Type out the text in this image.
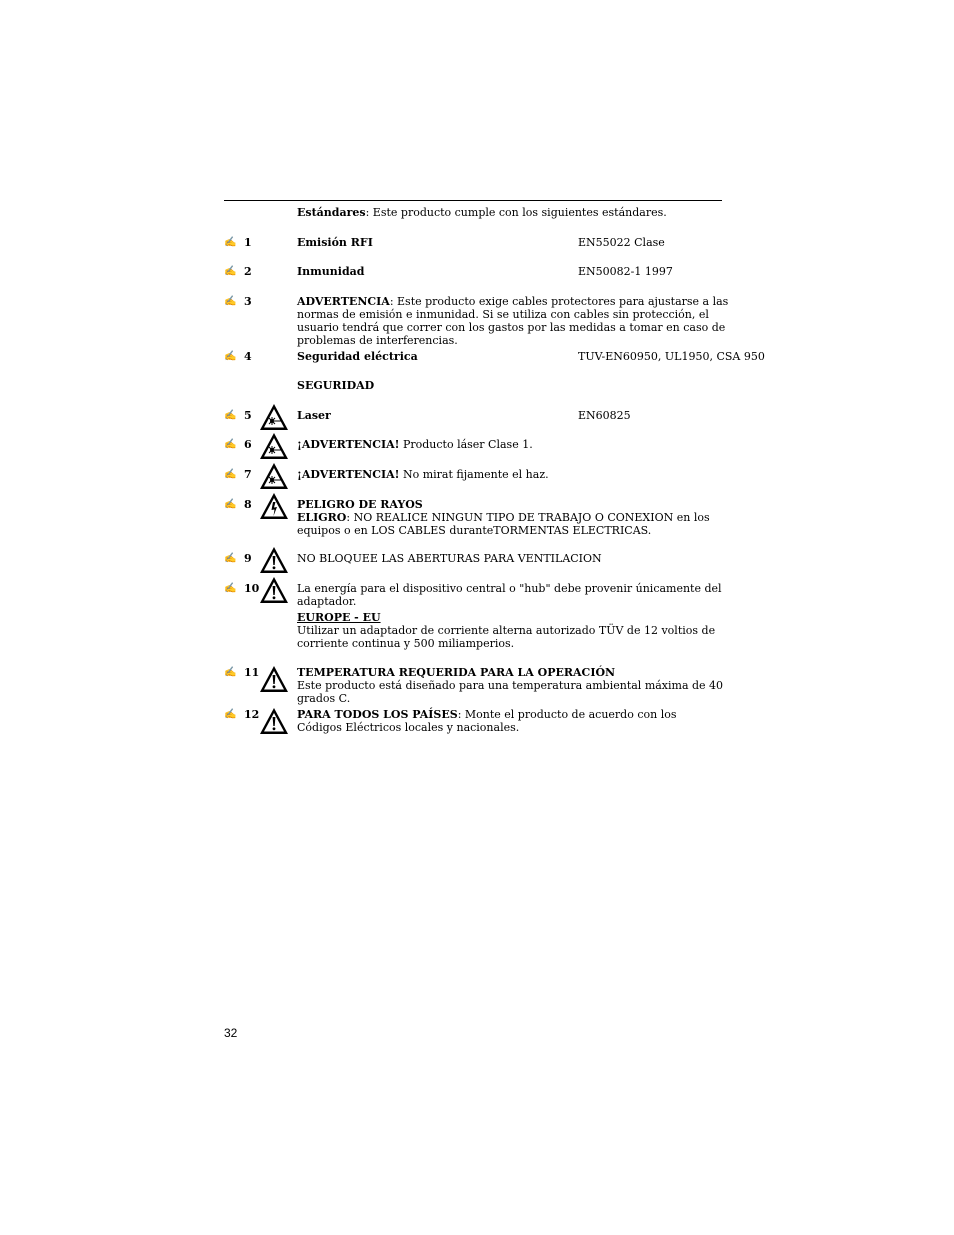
Estándares: Este producto cumple con los siguientes estándares.
✍ 1	Emisión RFI	EN55022 Clase
✍ 2	Inmunidad	EN50082-1 1997
✍ 3	ADVERTENCIA: Este producto exige cables protectores para ajustarse a las normas de emisión e inmunidad. Si se utiliza con cables sin protección, el usuario tendrá que correr con los gastos por las medidas a tomar en caso de problemas de interferencias.
✍ 4	Seguridad eléctrica	TUV-EN60950, UL1950, CSA 950
SEGURIDAD
✍ 5	Laser	EN60825
✍ 6	¡ADVERTENCIA! Producto láser Clase 1.
✍ 7	¡ADVERTENCIA! No mirat fijamente el haz.
✍ 8	PELIGRO DE RAYOS
ELIGRO: NO REALICE NINGUN TIPO DE TRABAJO O CONEXION en los equipos o en LOS CABLES duranteTORMENTAS ELECTRICAS.
✍ 9	NO BLOQUEE LAS ABERTURAS PARA VENTILACION
✍ 10	La energía para el dispositivo central o "hub" debe provenir únicamente del adaptador.
EUROPE - EU
Utilizar un adaptador de corriente alterna autorizado TÜV de 12 voltios de corriente continua y 500 miliamperios.
✍ 11	TEMPERATURA REQUERIDA PARA LA OPERACIÓN
Este producto está diseñado para una temperatura ambiental máxima de 40 grados C.
✍ 12	PARA TODOS LOS PAÍSES: Monte el producto de acuerdo con los Códigos Eléctricos locales y nacionales.
32
